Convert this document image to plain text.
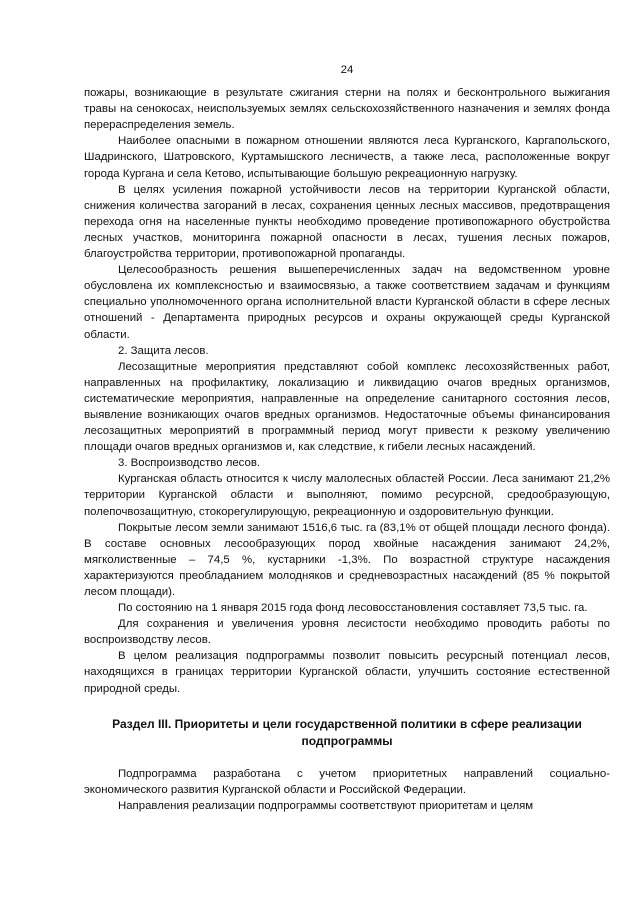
24

пожары, возникающие в результате сжигания стерни на полях и бесконтрольного выжигания травы на сенокосах, неиспользуемых землях сельскохозяйственного назначения и землях фонда перераспределения земель.

Наиболее опасными в пожарном отношении являются леса Курганского, Каргапольского, Шадринского, Шатровского, Куртамышского лесничеств, а также леса, расположенные вокруг города Кургана и села Кетово, испытывающие большую рекреационную нагрузку.

В целях усиления пожарной устойчивости лесов на территории Курганской области, снижения количества загораний в лесах, сохранения ценных лесных массивов, предотвращения перехода огня на населенные пункты необходимо проведение противопожарного обустройства лесных участков, мониторинга пожарной опасности в лесах, тушения лесных пожаров, благоустройства территории, противопожарной пропаганды.

Целесообразность решения вышеперечисленных задач на ведомственном уровне обусловлена их комплексностью и взаимосвязью, а также соответствием задачам и функциям специально уполномоченного органа исполнительной власти Курганской области в сфере лесных отношений - Департамента природных ресурсов и охраны окружающей среды Курганской области.

2. Защита лесов.

Лесозащитные мероприятия представляют собой комплекс лесохозяйственных работ, направленных на профилактику, локализацию и ликвидацию очагов вредных организмов, систематические мероприятия, направленные на определение санитарного состояния лесов, выявление возникающих очагов вредных организмов. Недостаточные объемы финансирования лесозащитных мероприятий в программный период могут привести к резкому увеличению площади очагов вредных организмов и, как следствие, к гибели лесных насаждений.

3. Воспроизводство лесов.

Курганская область относится к числу малолесных областей России. Леса занимают 21,2% территории Курганской области и выполняют, помимо ресурсной, средообразующую, полепочвозащитную, стокорегулирующую, рекреационную и оздоровительную функции.

Покрытые лесом земли занимают 1516,6 тыс. га (83,1% от общей площади лесного фонда). В составе основных лесообразующих пород хвойные насаждения занимают 24,2%, мягколиственные – 74,5 %, кустарники -1,3%. По возрастной структуре насаждения характеризуются преобладанием молодняков и средневозрастных насаждений (85 % покрытой лесом площади).

По состоянию на 1 января 2015 года фонд лесовосстановления составляет 73,5 тыс. га.

Для сохранения и увеличения уровня лесистости необходимо проводить работы по воспроизводству лесов.

В целом реализация подпрограммы позволит повысить ресурсный потенциал лесов, находящихся в границах территории Курганской области, улучшить состояние естественной природной среды.

Раздел III. Приоритеты и цели государственной политики в сфере реализации подпрограммы

Подпрограмма разработана с учетом приоритетных направлений социально-экономического развития Курганской области и Российской Федерации.

Направления реализации подпрограммы соответствуют приоритетам и целям
